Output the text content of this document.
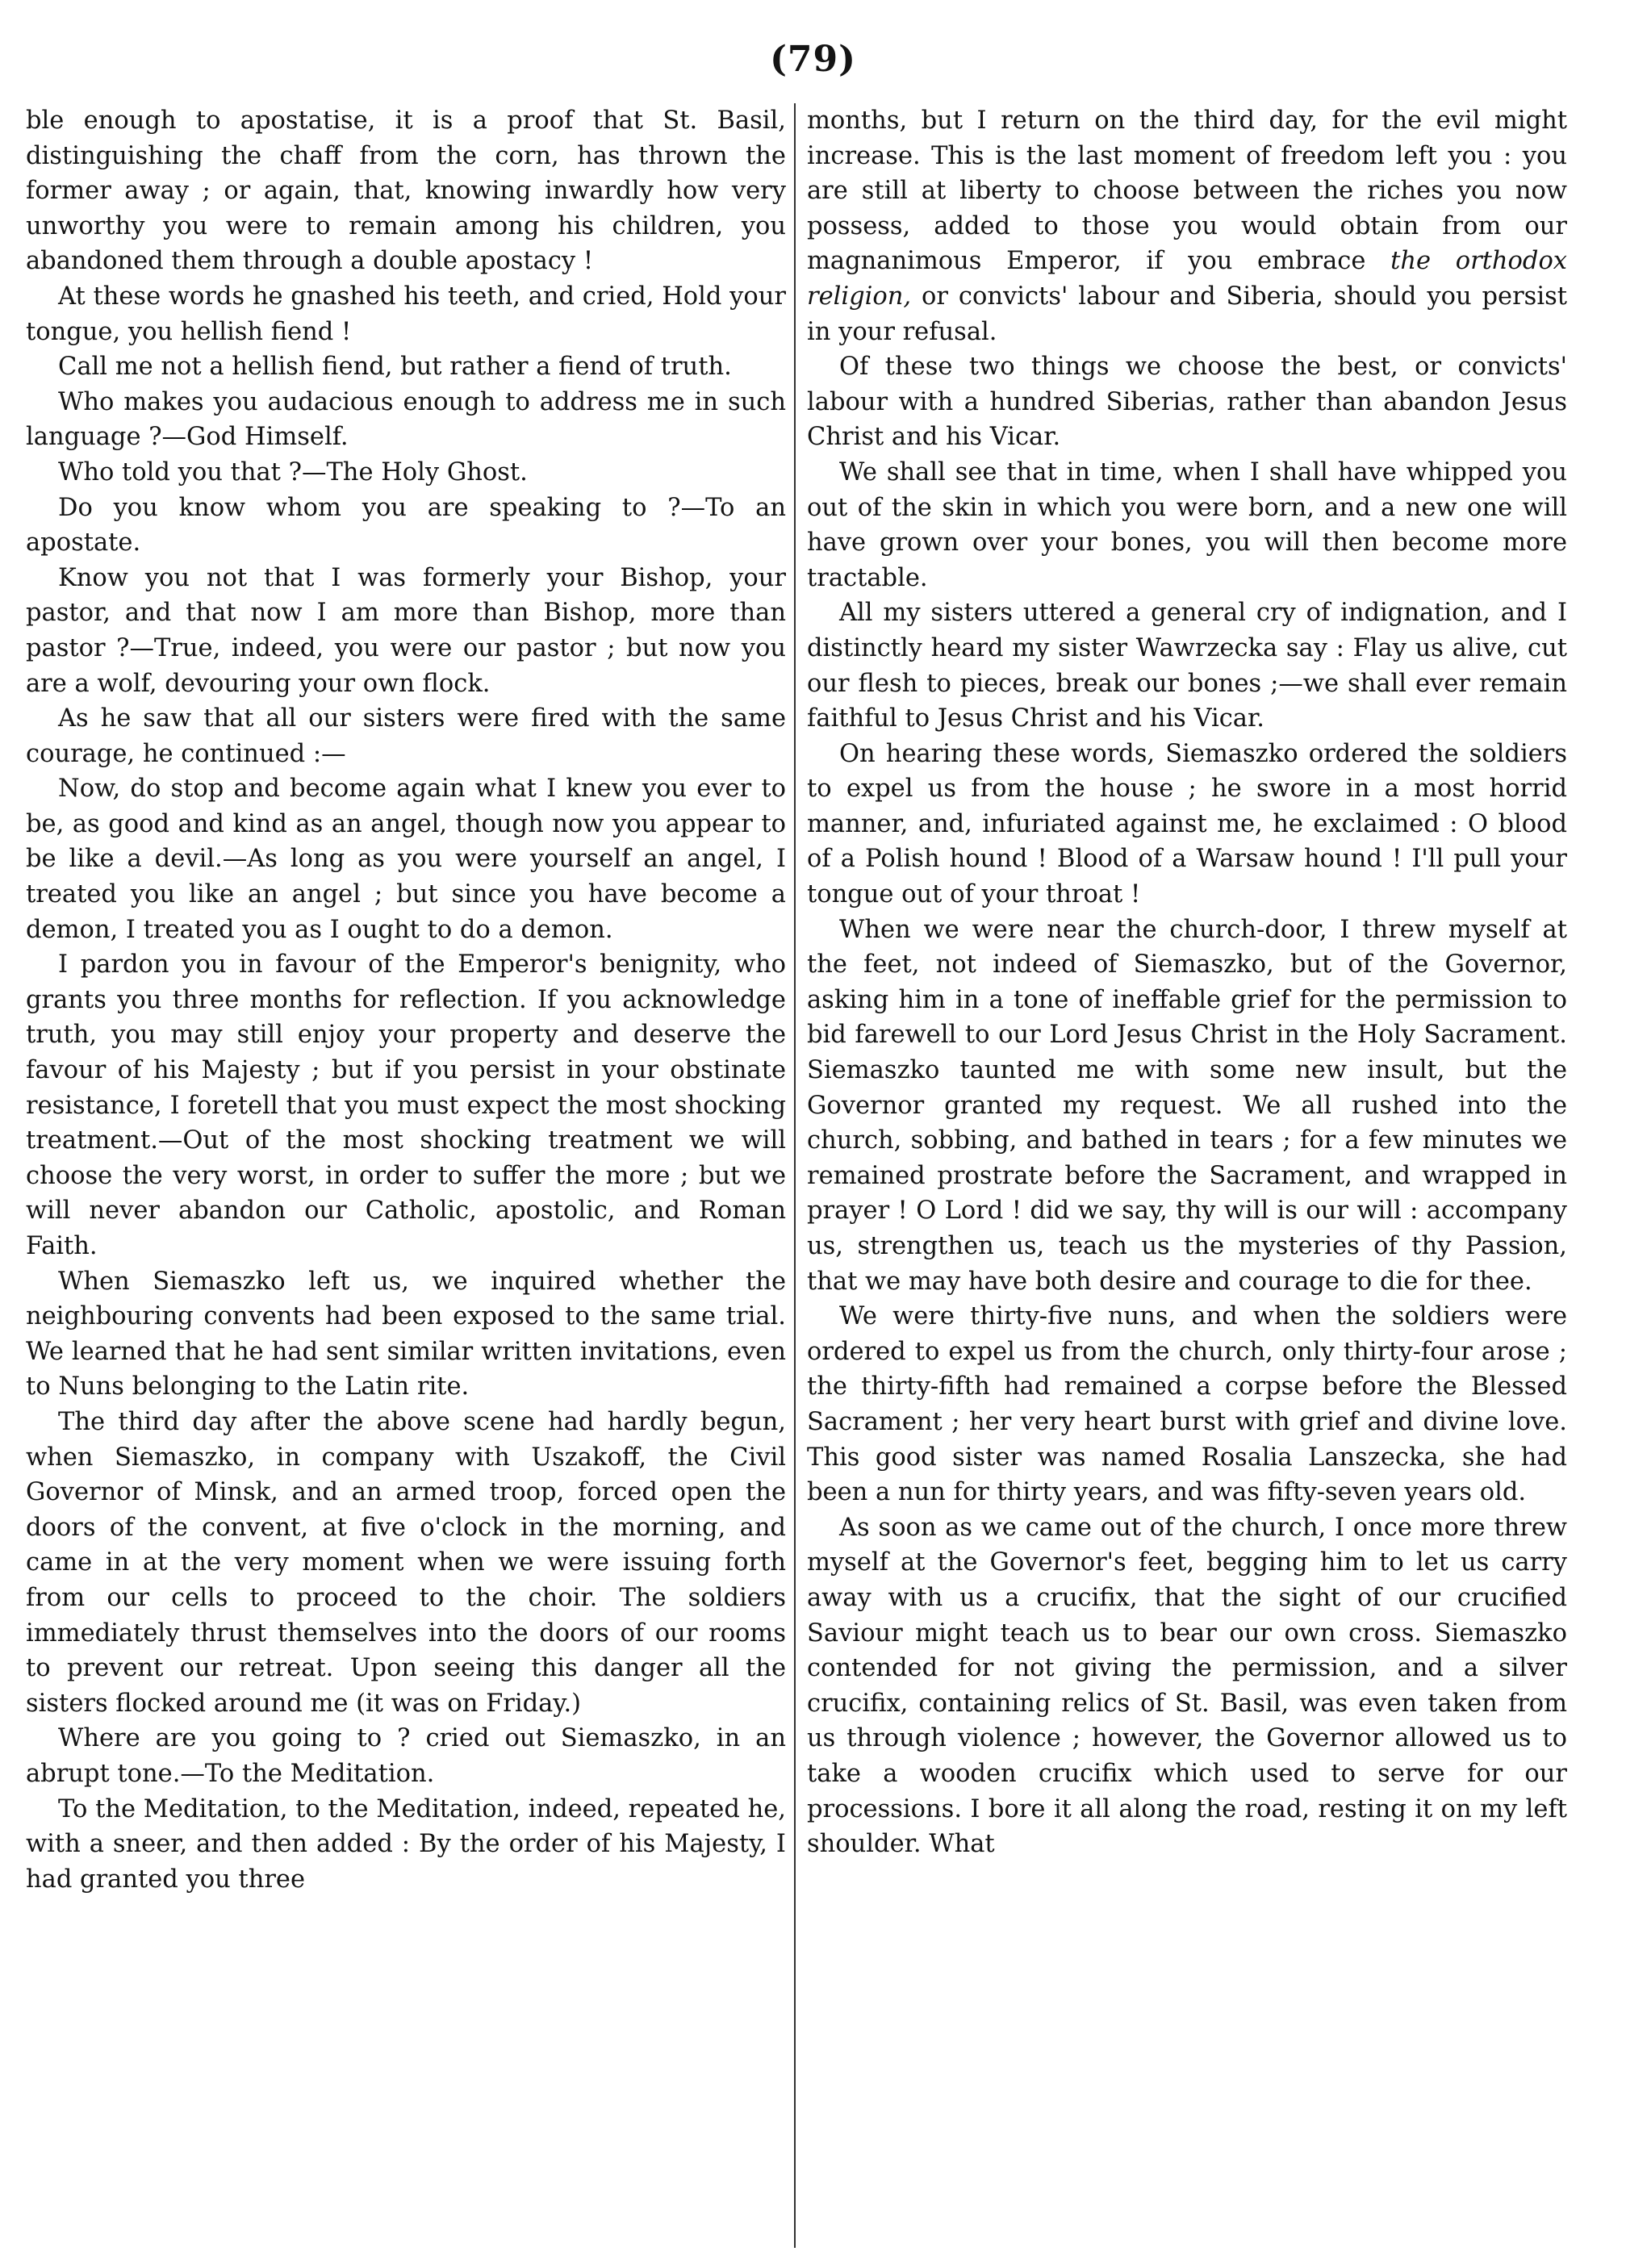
(79)

ble enough to apostatise, it is a proof that St. Basil, distinguishing the chaff from the corn, has thrown the former away ; or again, that, knowing inwardly how very unworthy you were to remain among his children, you abandoned them through a double apostacy !

At these words he gnashed his teeth, and cried, Hold your tongue, you hellish fiend !

Call me not a hellish fiend, but rather a fiend of truth.

Who makes you audacious enough to address me in such language ?—God Himself.

Who told you that ?—The Holy Ghost.

Do you know whom you are speaking to ?—To an apostate.

Know you not that I was formerly your Bishop, your pastor, and that now I am more than Bishop, more than pastor ?—True, indeed, you were our pastor ; but now you are a wolf, devouring your own flock.

As he saw that all our sisters were fired with the same courage, he continued :—

Now, do stop and become again what I knew you ever to be, as good and kind as an angel, though now you appear to be like a devil.—As long as you were yourself an angel, I treated you like an angel ; but since you have become a demon, I treated you as I ought to do a demon.

I pardon you in favour of the Emperor's benignity, who grants you three months for reflection. If you acknowledge truth, you may still enjoy your property and deserve the favour of his Majesty ; but if you persist in your obstinate resistance, I foretell that you must expect the most shocking treatment.—Out of the most shocking treatment we will choose the very worst, in order to suffer the more ; but we will never abandon our Catholic, apostolic, and Roman Faith.

When Siemaszko left us, we inquired whether the neighbouring convents had been exposed to the same trial. We learned that he had sent similar written invitations, even to Nuns belonging to the Latin rite.

The third day after the above scene had hardly begun, when Siemaszko, in company with Uszakoff, the Civil Governor of Minsk, and an armed troop, forced open the doors of the convent, at five o'clock in the morning, and came in at the very moment when we were issuing forth from our cells to proceed to the choir. The soldiers immediately thrust themselves into the doors of our rooms to prevent our retreat. Upon seeing this danger all the sisters flocked around me (it was on Friday.)

Where are you going to ? cried out Siemaszko, in an abrupt tone.—To the Meditation.

To the Meditation, to the Meditation, indeed, repeated he, with a sneer, and then added : By the order of his Majesty, I had granted you three

months, but I return on the third day, for the evil might increase. This is the last moment of freedom left you : you are still at liberty to choose between the riches you now possess, added to those you would obtain from our magnanimous Emperor, if you embrace the orthodox religion, or convicts' labour and Siberia, should you persist in your refusal.

Of these two things we choose the best, or convicts' labour with a hundred Siberias, rather than abandon Jesus Christ and his Vicar.

We shall see that in time, when I shall have whipped you out of the skin in which you were born, and a new one will have grown over your bones, you will then become more tractable.

All my sisters uttered a general cry of indignation, and I distinctly heard my sister Wawrzecka say : Flay us alive, cut our flesh to pieces, break our bones ;—we shall ever remain faithful to Jesus Christ and his Vicar.

On hearing these words, Siemaszko ordered the soldiers to expel us from the house ; he swore in a most horrid manner, and, infuriated against me, he exclaimed : O blood of a Polish hound ! Blood of a Warsaw hound ! I'll pull your tongue out of your throat !

When we were near the church-door, I threw myself at the feet, not indeed of Siemaszko, but of the Governor, asking him in a tone of ineffable grief for the permission to bid farewell to our Lord Jesus Christ in the Holy Sacrament. Siemaszko taunted me with some new insult, but the Governor granted my request. We all rushed into the church, sobbing, and bathed in tears ; for a few minutes we remained prostrate before the Sacrament, and wrapped in prayer ! O Lord ! did we say, thy will is our will : accompany us, strengthen us, teach us the mysteries of thy Passion, that we may have both desire and courage to die for thee.

We were thirty-five nuns, and when the soldiers were ordered to expel us from the church, only thirty-four arose ; the thirty-fifth had remained a corpse before the Blessed Sacrament ; her very heart burst with grief and divine love. This good sister was named Rosalia Lanszecka, she had been a nun for thirty years, and was fifty-seven years old.

As soon as we came out of the church, I once more threw myself at the Governor's feet, begging him to let us carry away with us a crucifix, that the sight of our crucified Saviour might teach us to bear our own cross. Siemaszko contended for not giving the permission, and a silver crucifix, containing relics of St. Basil, was even taken from us through violence ; however, the Governor allowed us to take a wooden crucifix which used to serve for our processions. I bore it all along the road, resting it on my left shoulder. What
